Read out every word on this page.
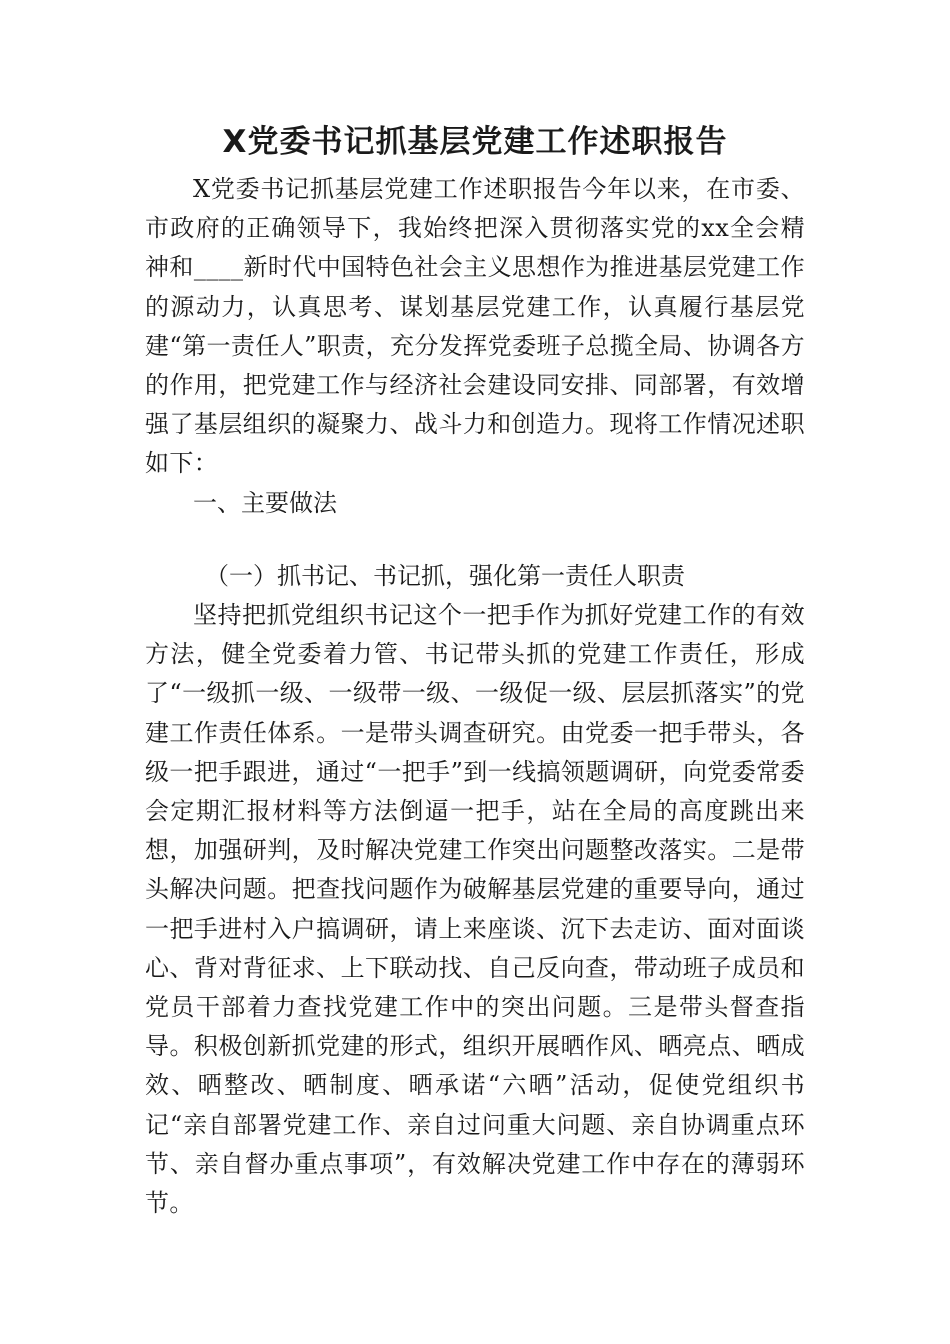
X党委书记抓基层党建工作述职报告

X党委书记抓基层党建工作述职报告今年以来，在市委、市政府的正确领导下，我始终把深入贯彻落实党的xx全会精神和____新时代中国特色社会主义思想作为推进基层党建工作的源动力，认真思考、谋划基层党建工作，认真履行基层党建“第一责任人”职责，充分发挥党委班子总揽全局、协调各方的作用，把党建工作与经济社会建设同安排、同部署，有效增强了基层组织的凝聚力、战斗力和创造力。现将工作情况述职如下：

一、主要做法

（一）抓书记、书记抓，强化第一责任人职责

坚持把抓党组织书记这个一把手作为抓好党建工作的有效方法，健全党委着力管、书记带头抓的党建工作责任，形成了“一级抓一级、一级带一级、一级促一级、层层抓落实”的党建工作责任体系。一是带头调查研究。由党委一把手带头，各级一把手跟进，通过“一把手”到一线搞领题调研，向党委常委会定期汇报材料等方法倒逼一把手，站在全局的高度跳出来想，加强研判，及时解决党建工作突出问题整改落实。二是带头解决问题。把查找问题作为破解基层党建的重要导向，通过一把手进村入户搞调研，请上来座谈、沉下去走访、面对面谈心、背对背征求、上下联动找、自己反向查，带动班子成员和党员干部着力查找党建工作中的突出问题。三是带头督查指导。积极创新抓党建的形式，组织开展晒作风、晒亮点、晒成效、晒整改、晒制度、晒承诺“六晒”活动，促使党组织书记“亲自部署党建工作、亲自过问重大问题、亲自协调重点环节、亲自督办重点事项”，有效解决党建工作中存在的薄弱环节。
